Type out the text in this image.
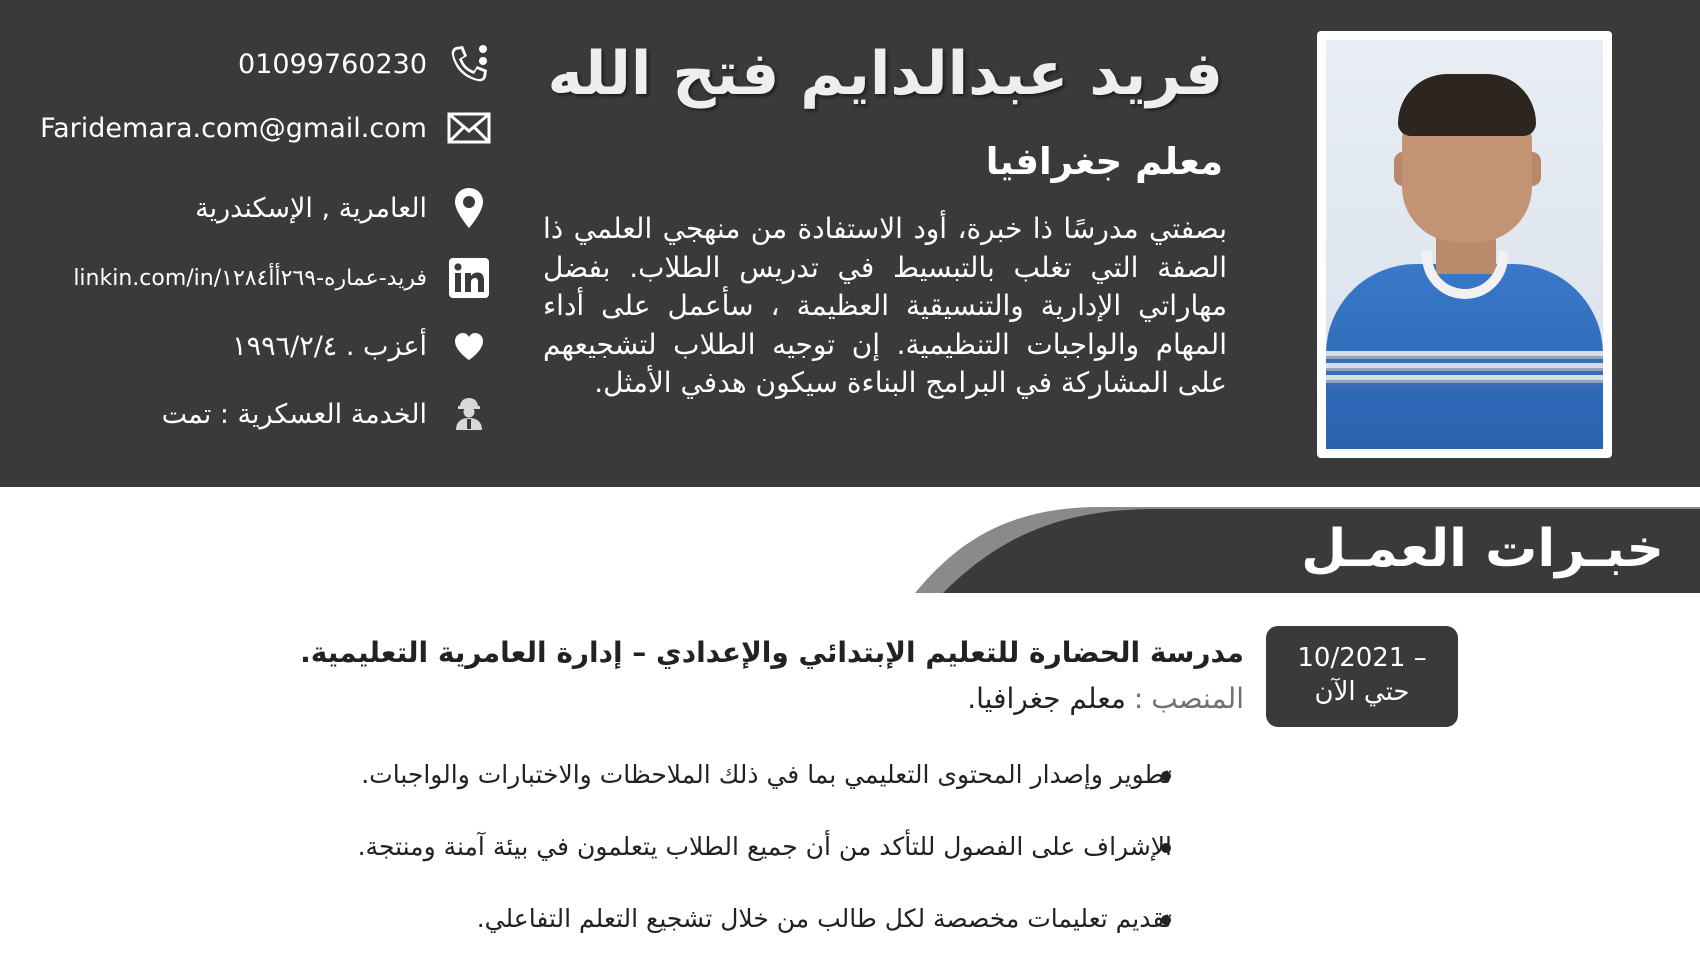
فريد عبدالدايم فتح الله
معلم جغرافيا
بصفتي مدرسًا ذا خبرة، أود الاستفادة من منهجي العلمي ذا الصفة التي تغلب بالتبسيط في تدريس الطلاب. بفضل مهاراتي الإدارية والتنسيقية العظيمة ، سأعمل على أداء المهام والواجبات التنظيمية. إن توجيه الطلاب لتشجيعهم على المشاركة في البرامج البناءة سيكون هدفي الأمثل.
01099760230
Faridemara.com@gmail.com
العامرية , الإسكندرية
linkin.com/in/فريد-عماره-٢٦٩أأ١٢٨٤
أعزب . ١٩٩٦/٢/٤
الخدمة العسكرية : تمت
خبـرات العمـل
10/2021 –
حتي الآن
مدرسة الحضارة للتعليم الإبتدائي والإعدادي – إدارة العامرية التعليمية.
المنصب:معلم جغرافيا.
تطوير وإصدار المحتوى التعليمي بما في ذلك الملاحظات والاختبارات والواجبات.
الإشراف على الفصول للتأكد من أن جميع الطلاب يتعلمون في بيئة آمنة ومنتجة.
تقديم تعليمات مخصصة لكل طالب من خلال تشجيع التعلم التفاعلي.
